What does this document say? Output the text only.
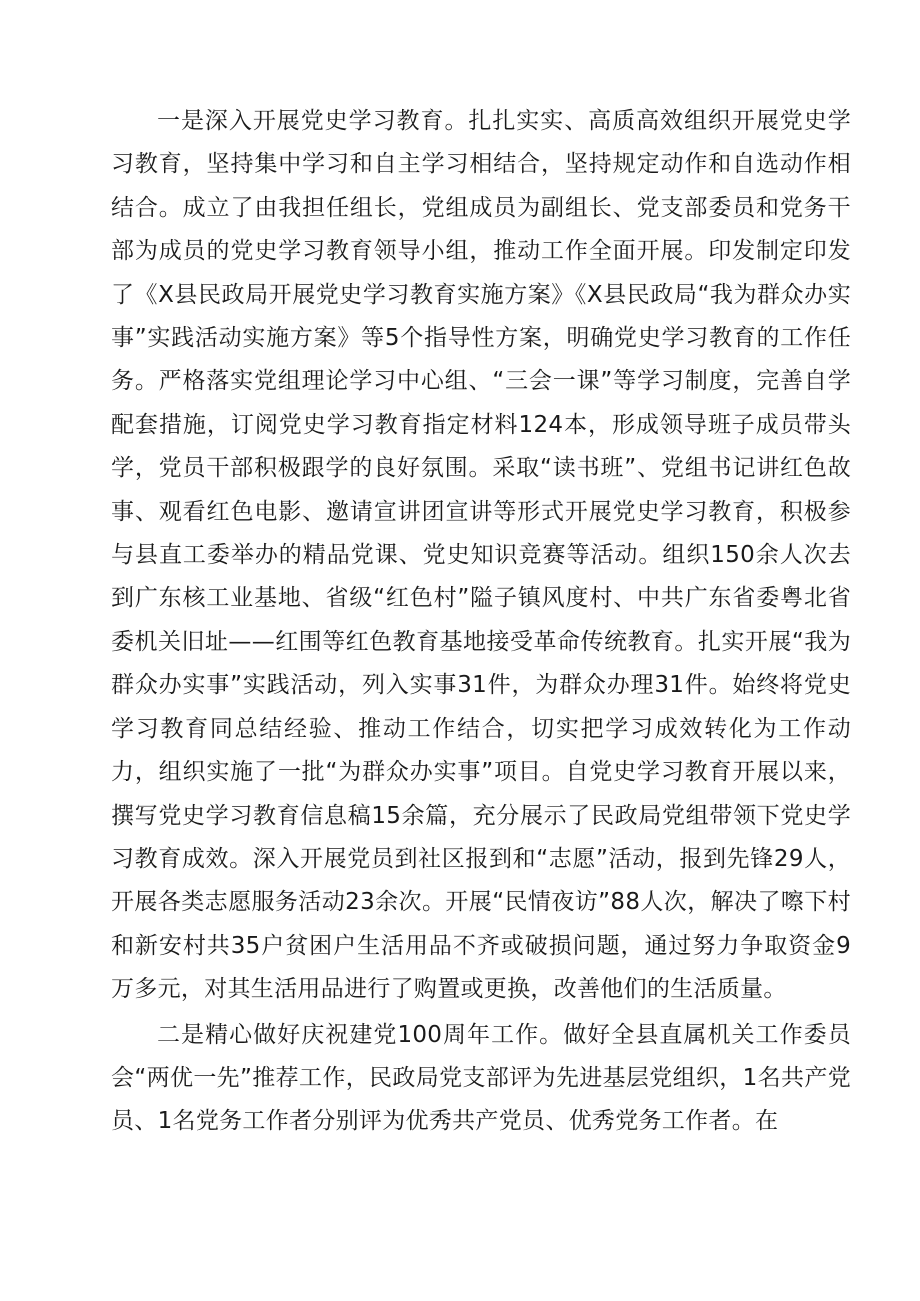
一是深入开展党史学习教育。扎扎实实、高质高效组织开展党史学习教育，坚持集中学习和自主学习相结合，坚持规定动作和自选动作相结合。成立了由我担任组长，党组成员为副组长、党支部委员和党务干部为成员的党史学习教育领导小组，推动工作全面开展。印发制定印发了《X县民政局开展党史学习教育实施方案》《X县民政局“我为群众办实事”实践活动实施方案》等5个指导性方案，明确党史学习教育的工作任务。严格落实党组理论学习中心组、“三会一课”等学习制度，完善自学配套措施，订阅党史学习教育指定材料124本，形成领导班子成员带头学，党员干部积极跟学的良好氛围。采取“读书班”、党组书记讲红色故事、观看红色电影、邀请宣讲团宣讲等形式开展党史学习教育，积极参与县直工委举办的精品党课、党史知识竞赛等活动。组织150余人次去到广东核工业基地、省级“红色村”隘子镇风度村、中共广东省委粤北省委机关旧址——红围等红色教育基地接受革命传统教育。扎实开展“我为群众办实事”实践活动，列入实事31件，为群众办理31件。始终将党史学习教育同总结经验、推动工作结合，切实把学习成效转化为工作动力，组织实施了一批“为群众办实事”项目。自党史学习教育开展以来，撰写党史学习教育信息稿15余篇，充分展示了民政局党组带领下党史学习教育成效。深入开展党员到社区报到和“志愿”活动，报到先锋29人，开展各类志愿服务活动23余次。开展“民情夜访”88人次，解决了嚓下村和新安村共35户贫困户生活用品不齐或破损问题，通过努力争取资金9万多元，对其生活用品进行了购置或更换，改善他们的生活质量。

二是精心做好庆祝建党100周年工作。做好全县直属机关工作委员会“两优一先”推荐工作，民政局党支部评为先进基层党组织，1名共产党员、1名党务工作者分别评为优秀共产党员、优秀党务工作者。在
